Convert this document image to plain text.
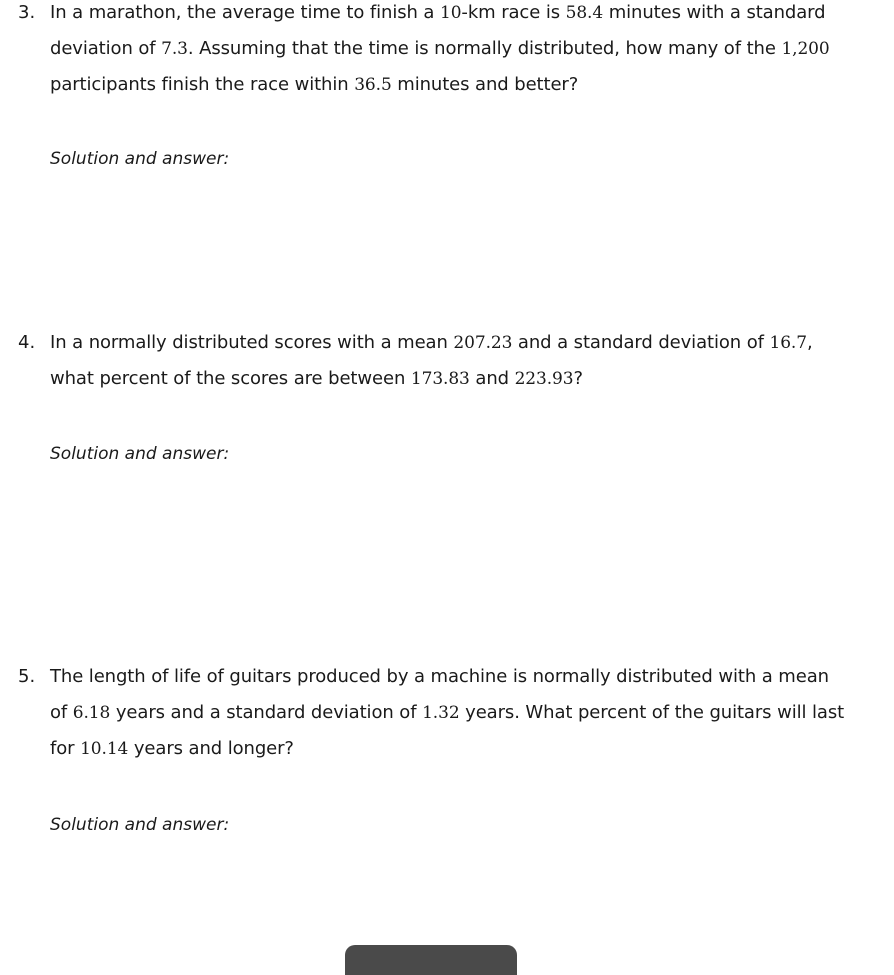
3. In a marathon, the average time to finish a 10-km race is 58.4 minutes with a standard deviation of 7.3. Assuming that the time is normally distributed, how many of the 1,200 participants finish the race within 36.5 minutes and better?
Solution and answer:
4. In a normally distributed scores with a mean 207.23 and a standard deviation of 16.7, what percent of the scores are between 173.83 and 223.93?
Solution and answer:
5. The length of life of guitars produced by a machine is normally distributed with a mean of 6.18 years and a standard deviation of 1.32 years. What percent of the guitars will last for 10.14 years and longer?
Solution and answer:
